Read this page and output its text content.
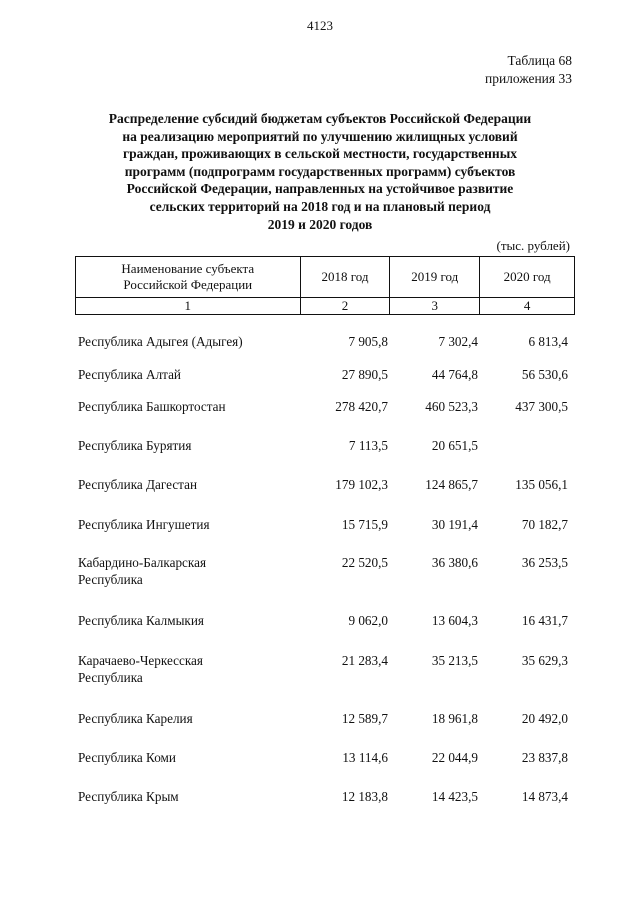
4123
Таблица 68
приложения 33
Распределение субсидий бюджетам субъектов Российской Федерации
на реализацию мероприятий по улучшению жилищных условий
граждан, проживающих в сельской местности, государственных
программ (подпрограмм государственных программ) субъектов
Российской Федерации, направленных на устойчивое развитие
сельских территорий на 2018 год и на плановый период
2019 и 2020 годов
(тыс. рублей)
Наименование субъекта
Российской Федерации	2018 год	2019 год	2020 год
1	2	3	4
Республика Адыгея (Адыгея)	7 905,8	7 302,4	6 813,4
Республика Алтай	27 890,5	44 764,8	56 530,6
Республика Башкортостан	278 420,7	460 523,3	437 300,5
Республика Бурятия	7 113,5	20 651,5
Республика Дагестан	179 102,3	124 865,7	135 056,1
Республика Ингушетия	15 715,9	30 191,4	70 182,7
Кабардино-Балкарская
Республика
22 520,5	36 380,6	36 253,5
Республика Калмыкия	9 062,0	13 604,3	16 431,7
Карачаево-Черкесская
Республика
21 283,4	35 213,5	35 629,3
Республика Карелия	12 589,7	18 961,8	20 492,0
Республика Коми	13 114,6	22 044,9	23 837,8
Республика Крым	12 183,8	14 423,5	14 873,4
